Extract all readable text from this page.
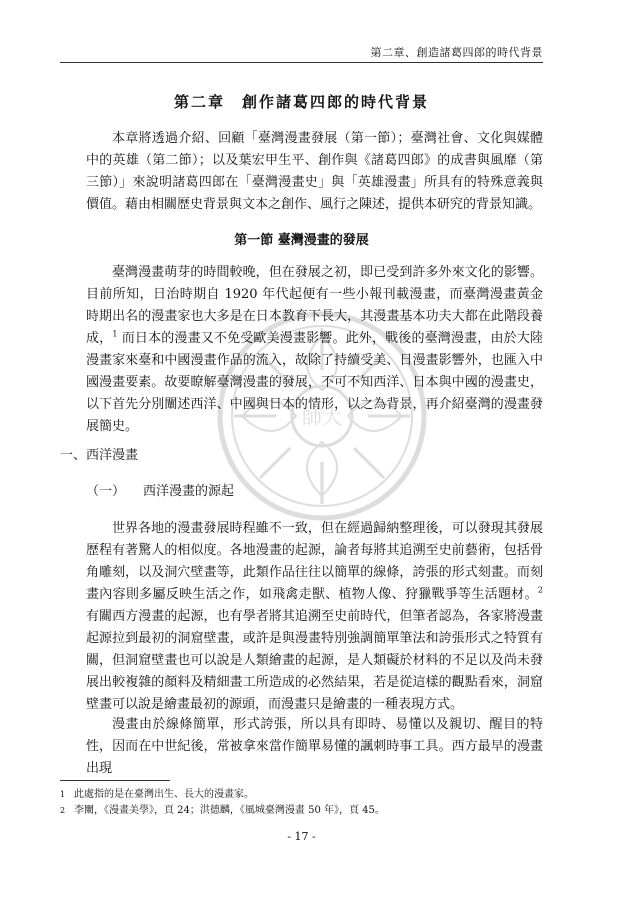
師大
第二章、創造諸葛四郎的時代背景
第二章　創作諸葛四郎的時代背景

本章將透過介紹、回顧「臺灣漫畫發展（第一節）；臺灣社會、文化與媒體中的英雄（第二節）；以及葉宏甲生平、創作與《諸葛四郎》的成書與風靡（第三節）」來說明諸葛四郎在「臺灣漫畫史」與「英雄漫畫」所具有的特殊意義與價值。藉由相關歷史背景與文本之創作、風行之陳述，提供本研究的背景知識。

第一節 臺灣漫畫的發展

臺灣漫畫萌芽的時間較晚，但在發展之初，即已受到許多外來文化的影響。目前所知，日治時期自 1920 年代起便有一些小報刊載漫畫，而臺灣漫畫黃金時期出名的漫畫家也大多是在日本教育下長大，其漫畫基本功夫大都在此階段養成，$^1$ 而日本的漫畫又不免受歐美漫畫影響。此外，戰後的臺灣漫畫，由於大陸漫畫家來臺和中國漫畫作品的流入，故除了持續受美、日漫畫影響外，也匯入中國漫畫要素。故要瞭解臺灣漫畫的發展，不可不知西洋、日本與中國的漫畫史，以下首先分別闡述西洋、中國與日本的情形，以之為背景，再介紹臺灣的漫畫發展簡史。

一、西洋漫畫
（一） 西洋漫畫的源起

世界各地的漫畫發展時程雖不一致，但在經過歸納整理後，可以發現其發展歷程有著驚人的相似度。各地漫畫的起源，論者每將其追溯至史前藝術，包括骨角雕刻，以及洞穴壁畫等，此類作品往往以簡單的線條，誇張的形式刻畫。而刻畫內容則多屬反映生活之作，如飛禽走獸、植物人像、狩獵戰爭等生活題材。$^2$ 有關西方漫畫的起源，也有學者將其追溯至史前時代，但筆者認為，各家將漫畫起源拉到最初的洞窟壁畫，或許是與漫畫特別強調簡單筆法和誇張形式之特質有關，但洞窟壁畫也可以說是人類繪畫的起源，是人類礙於材料的不足以及尚未發展出較複雜的顏料及精細畫工所造成的必然結果，若是從這樣的觀點看來，洞窟壁畫可以說是繪畫最初的源頭，而漫畫只是繪畫的一種表現方式。

漫畫由於線條簡單，形式誇張，所以具有即時、易懂以及親切、醒目的特性，因而在中世紀後，常被拿來當作簡單易懂的諷刺時事工具。西方最早的漫畫出現

1 此處指的是在臺灣出生、長大的漫畫家。
2 李闡，《漫畫美學》，頁 24；洪德麟，《風城臺灣漫畫 50 年》，頁 45。
- 17 -
